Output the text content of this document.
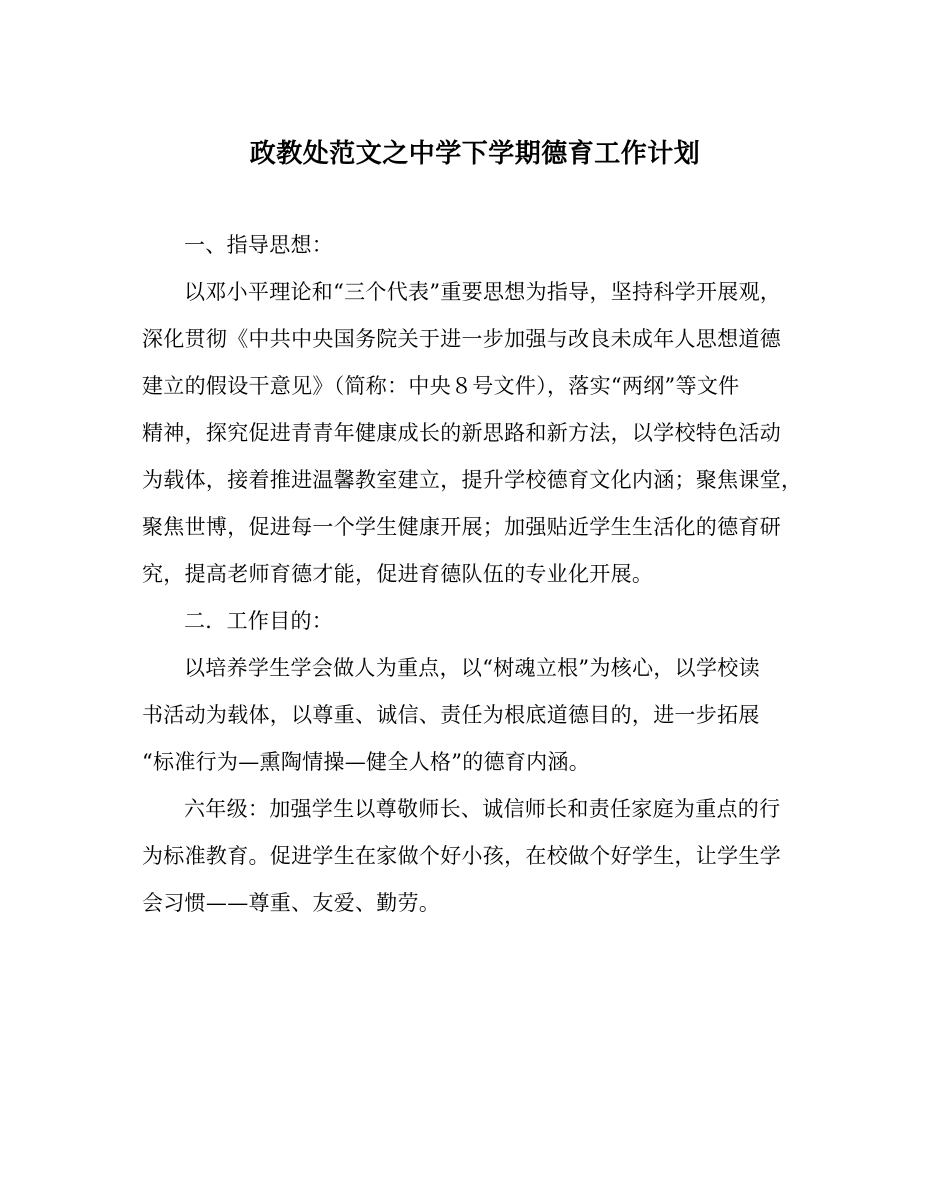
政教处范文之中学下学期德育工作计划
一、指导思想：
以邓小平理论和“三个代表”重要思想为指导，坚持科学开展观，
深化贯彻《中共中央国务院关于进一步加强与改良未成年人思想道德
建立的假设干意见》（简称：中央８号文件），落实“两纲”等文件
精神，探究促进青青年健康成长的新思路和新方法，以学校特色活动
为载体，接着推进温馨教室建立，提升学校德育文化内涵；聚焦课堂，
聚焦世博，促进每一个学生健康开展；加强贴近学生生活化的德育研
究，提高老师育德才能，促进育德队伍的专业化开展。
二．工作目的：
以培养学生学会做人为重点，以“树魂立根”为核心，以学校读
书活动为载体，以尊重、诚信、责任为根底道德目的，进一步拓展
“标准行为—熏陶情操—健全人格”的德育内涵。
六年级：加强学生以尊敬师长、诚信师长和责任家庭为重点的行
为标准教育。促进学生在家做个好小孩，在校做个好学生，让学生学
会习惯——尊重、友爱、勤劳。
